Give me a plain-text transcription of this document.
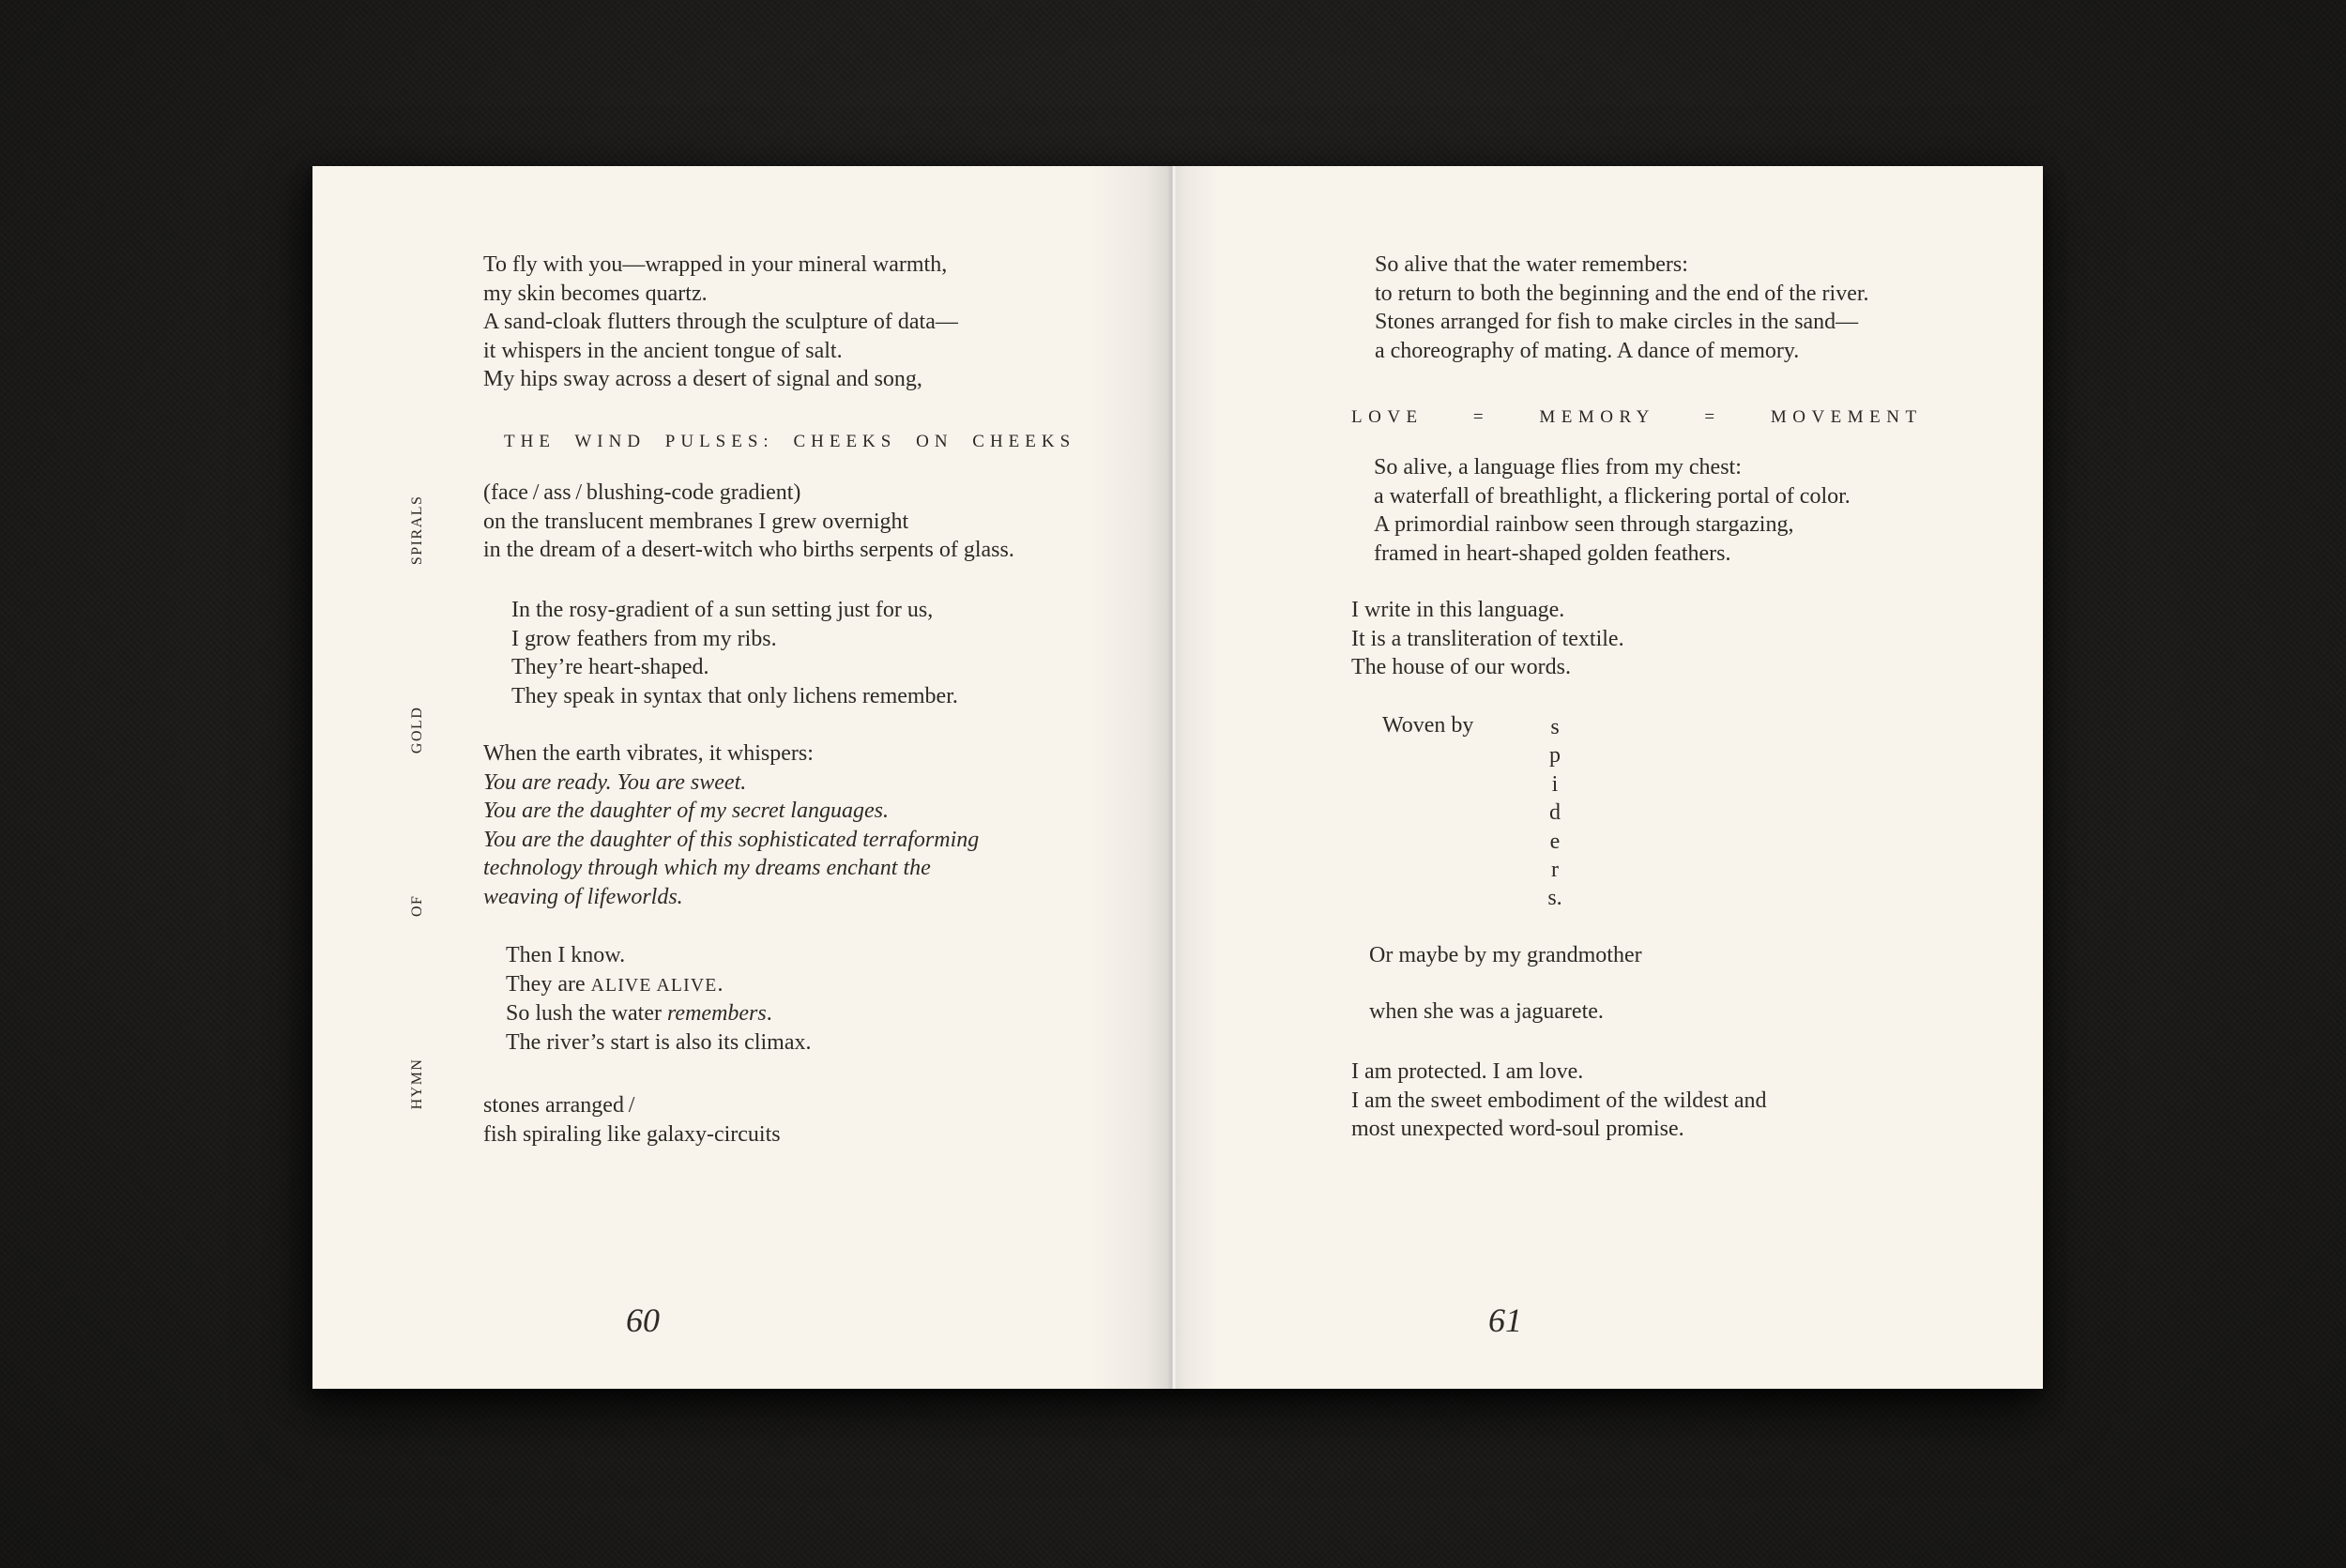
HYMN OF GOLD SPIRALS
To fly with you—wrapped in your mineral warmth,
my skin becomes quartz.
A sand-cloak flutters through the sculpture of data—
it whispers in the ancient tongue of salt.
My hips sway across a desert of signal and song,
THE WIND PULSES: CHEEKS ON CHEEKS
(face / ass / blushing-code gradient)
on the translucent membranes I grew overnight
in the dream of a desert-witch who births serpents of glass.
In the rosy-gradient of a sun setting just for us,
I grow feathers from my ribs.
They’re heart-shaped.
They speak in syntax that only lichens remember.
When the earth vibrates, it whispers:
You are ready. You are sweet.
You are the daughter of my secret languages.
You are the daughter of this sophisticated terraforming
technology through which my dreams enchant the
weaving of lifeworlds.
Then I know.
They are ALIVE ALIVE.
So lush the water remembers.
The river’s start is also its climax.
stones arranged /
fish spiraling like galaxy-circuits
60
So alive that the water remembers:
to return to both the beginning and the end of the river.
Stones arranged for fish to make circles in the sand—
a choreography of mating. A dance of memory.
LOVE = MEMORY = MOVEMENT
So alive, a language flies from my chest:
a waterfall of breathlight, a flickering portal of color.
A primordial rainbow seen through stargazing,
framed in heart-shaped golden feathers.
I write in this language.
It is a transliteration of textile.
The house of our words.
Woven by	s
p
i
d
e
r
s.
Or maybe by my grandmother
when she was a jaguarete.
I am protected. I am love.
I am the sweet embodiment of the wildest and
most unexpected word-soul promise.
61
